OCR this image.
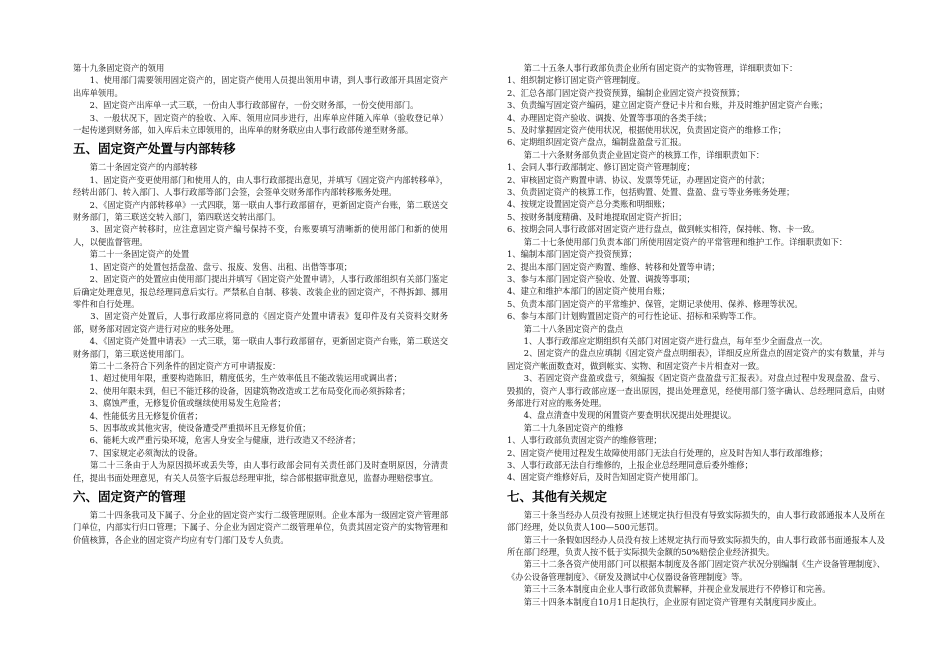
第十九条固定资产的领用

　　1、使用部门需要领用固定资产的，固定资产使用人员提出领用申请，到人事行政部开具固定资产出库单领用。

　　2、固定资产出库单一式三联，一份由人事行政部留存，一份交财务部，一份交使用部门。

　　3、一般状况下，固定资产的验收、入库、领用应同步进行，出库单应伴随入库单（验收登记单）一起传递到财务部，如入库后未立即领用的，出库单的财务联应由人事行政部传递至财务部。

五、固定资产处置与内部转移

　　第二十条固定资产的内部转移

　　1、固定资产变更使用部门和使用人的，由人事行政部提出意见，并填写《固定资产内部转移单》，经转出部门、转入部门、人事行政部等部门会签，会签单交财务部作内部转移账务处理。

　　2、《固定资产内部转移单》一式四联，第一联由人事行政部留存，更新固定资产台账，第二联送交财务部门，第三联送交转入部门，第四联送交转出部门。

　　3、固定资产转移时，应注意固定资产编号保持不变，台账要填写清晰新的使用部门和新的使用人，以便监督管理。

　　第二十一条固定资产的处置

　　1、固定资产的处置包括盘盈、盘亏、报废、发售、出租、出借等事项；

　　2、固定资产的处置应由使用部门提出并填写《固定资产处置申请》，人事行政部组织有关部门鉴定后确定处理意见，报总经理同意后实行。严禁私自自制、移装、改装企业的固定资产，不得拆卸、挪用零件和自行处理。

　　3、固定资产处置后，人事行政部应将同意的《固定资产处置申请表》复印件及有关资料交财务部，财务部对固定资产进行对应的账务处理。

　　4、《固定资产处置申请表》一式三联，第一联由人事行政部留存，更新固定资产台账，第二联送交财务部门，第三联送使用部门。

　　第二十二条符合下列条件的固定资产方可申请报废：

　　1、超过使用年限，重要构造陈旧，精度低劣，生产效率低且不能改装运用或调出者；

　　2、使用年限未到，但已不能迁移的设备，因建筑物改造或工艺布局变化而必须拆除者；

　　3、腐蚀严重，无修复价值或继续使用易发生危险者；

　　4、性能低劣且无修复价值者；

　　5、因事故或其他灾害，使设备遭受严重损坏且无修复价值；

　　6、能耗大或严重污染环境，危害人身安全与健康，进行改造又不经济者；

　　7、国家规定必须淘汰的设备。

　　第二十三条由于人为原因损坏或丢失等，由人事行政部会同有关责任部门及时查明原因，分清责任，提出书面处理意见，有关人员签字后报总经理审批，综合部根据审批意见，监督办理赔偿事宜。

六、固定资产的管理

　　第二十四条我司及下属子、分企业的固定资产实行二级管理原则。企业本部为一级固定资产管理部门单位，内部实行归口管理；下属子、分企业为固定资产二级管理单位，负责其固定资产的实物管理和价值核算，各企业的固定资产均应有专门部门及专人负责。

　　第二十五条人事行政部负责企业所有固定资产的实物管理，详细职责如下：

1、组织制定修订固定资产管理制度。

2、汇总各部门固定资产投资预算，编制企业固定资产投资预算；

3、负责编写固定资产编码，建立固定资产登记卡片和台账，并及时维护固定资产台账；

4、办理固定资产验收、调拨、处置等事项的各类手续；

5、及时掌握固定资产使用状况，根据使用状况，负责固定资产的维修工作；

6、定期组织固定资产盘点，编制盘盈盘亏汇报。

　　第二十六条财务部负责企业固定资产的核算工作，详细职责如下：

1、会同人事行政部制定、修订固定资产管理制度；

2、审核固定资产购置申请、协议、发票等凭证，办理固定资产的付款；

3、负责固定资产的核算工作，包括购置、处置、盘盈、盘亏等业务账务处理；

4、按规定设置固定资产总分类账和明细账；

5、按财务制度精确、及时地提取固定资产折旧；

6、按期会同人事行政部对固定资产进行盘点，做到帐实相符，保持帐、物、卡一致。

　　第二十七条使用部门负责本部门所使用固定资产的平常管理和维护工作。详细职责如下：

1、编制本部门固定资产投资预算；

2、提出本部门固定资产购置、维修、转移和处置等申请；

3、参与本部门固定资产验收、处置、调拨等事项；

4、建立和维护本部门的固定资产使用台账；

5、负责本部门固定资产的平常维护、保管，定期记录使用、保养、修理等状况。

6、参与本部门计划购置固定资产的可行性论证、招标和采购等工作。

　　第二十八条固定资产的盘点

　　1、人事行政部应定期组织有关部门对固定资产进行盘点，每年至少全面盘点一次。

　　2、固定资产的盘点应填制《固定资产盘点明细表》，详细反应所盘点的固定资产的实有数量，并与固定资产帐面数查对，做到帐实、实物、和固定资产卡片相查对一致。

　　3、若固定资产盘盈或盘亏，须编报《固定资产盘盈盘亏汇报表》。对盘点过程中发现盘盈、盘亏、毁损的，资产人事行政部应逐一查出原因，提出处理意见，经使用部门签字确认、总经理同意后，由财务部进行对应的账务处理。

　　4、盘点清查中发现的闲置资产要查明状况提出处理提议。

　　第二十九条固定资产的维修

1、人事行政部负责固定资产的维修管理；

2、固定资产使用过程发生故障使用部门无法自行处理的，应及时告知人事行政部维修；

3、人事行政部无法自行维修的，上报企业总经理同意后委外维修；

4、固定资产维修好后，及时告知固定资产使用部门。

七、其他有关规定

　　第三十条当经办人员没有按照上述规定执行但没有导致实际损失的，由人事行政部通报本人及所在部门经理，处以负责人100—500元惩罚。

　　第三十一条假如因经办人员没有按上述规定执行而导致实际损失的，由人事行政部书面通报本人及所在部门经理，负责人按不低于实际损失金额的50%赔偿企业经济损失。

　　第三十二条各资产使用部门可以根据本制度及各部门固定资产状况分别编制《生产设备管理制度》、《办公设备管理制度》、《研发及测试中心仪器设备管理制度》等。

　　第三十三条本制度由企业人事行政部负责解释，并视企业发展进行不停修订和完善。

　　第三十四条本制度自10月1日起执行，企业原有固定资产管理有关制度同步废止。
